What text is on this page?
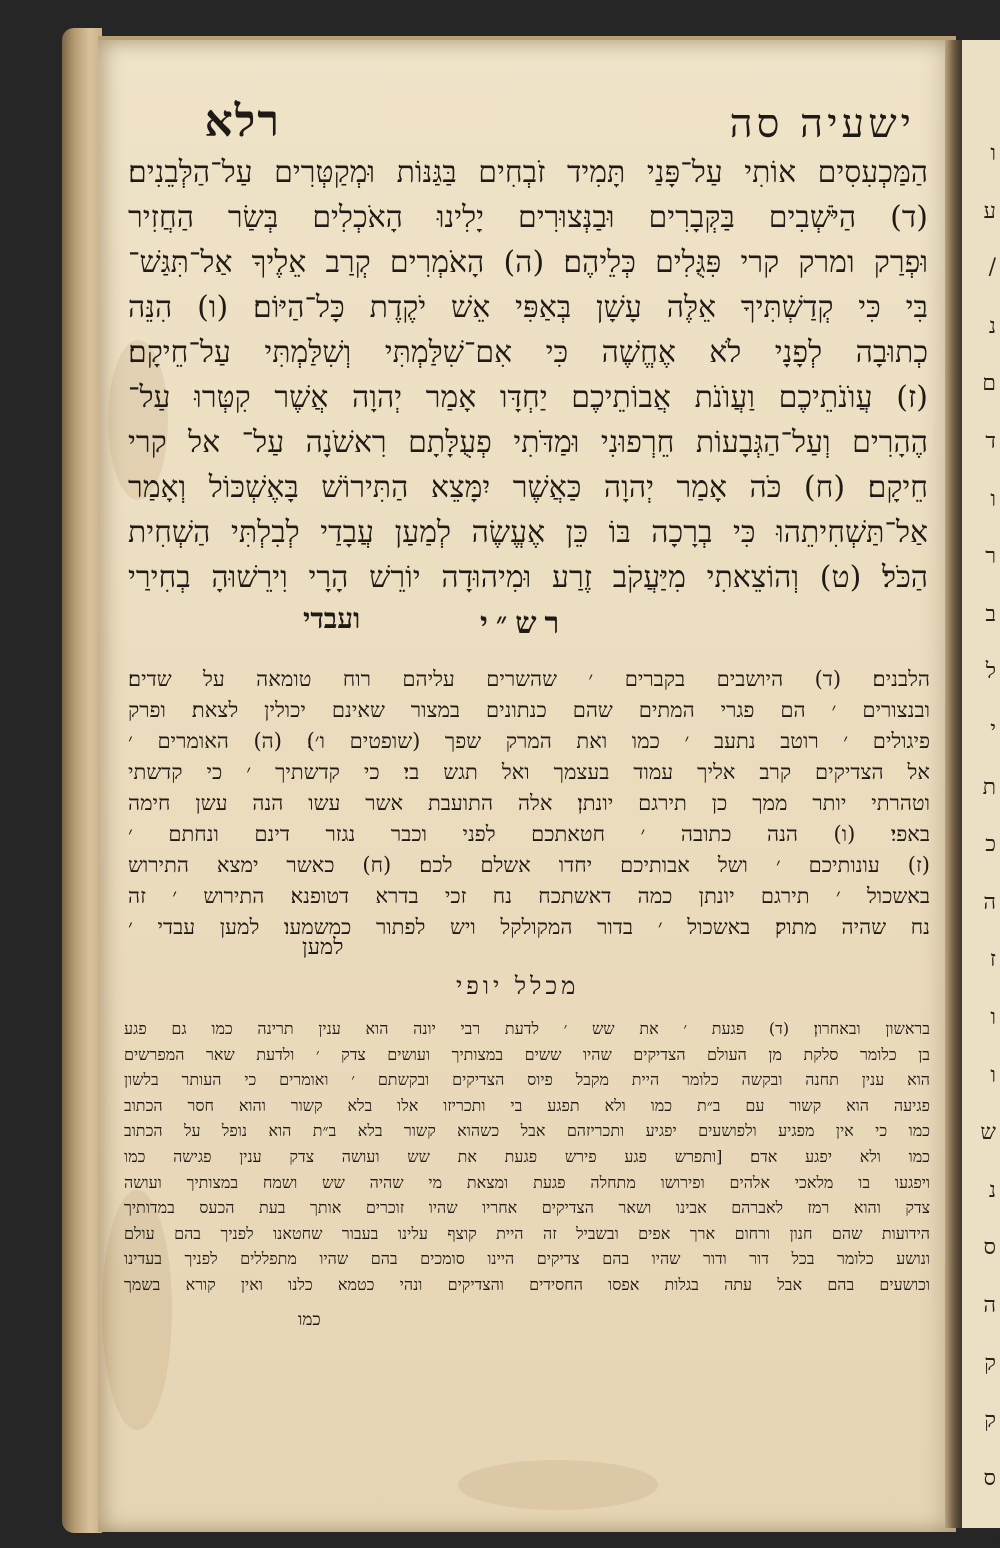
ו
ע
/
נ
ם
ד
ו
ר
ב
ל
י
ת
כ
ה
ז
ו
ו
ש
נ
ס
ה
ק
ק
ס
ג
רלא	ישעיה סה
הַמַּכְעִסִים אוֹתִי עַל־פָּנַי תָּמִיד זֹבְחִים בַּגַּנּוֹת וּמְקַטְּרִים עַל־הַלְּבֵנִים׃
(ד) הַיֹּשְׁבִים בַּקְּבָרִים וּבַנְּצוּרִים יָלִינוּ הָאֹכְלִים בְּשַׂר הַחֲזִיר
וּפְרַק ומרק קרי פִּגֻּלִים כְּלֵיהֶם׃ (ה) הָאֹמְרִים קְרַב אֵלֶיךָ אַל־תִּגַּשׁ־
בִּי כִּי קְדַשְׁתִּיךָ אֵלֶּה עָשָׁן בְּאַפִּי אֵשׁ יֹקֶדֶת כָּל־הַיּוֹם׃ (ו) הִנֵּה
כְתוּבָה לְפָנָי לֹא אֶחֱשֶׁה כִּי אִם־שִׁלַּמְתִּי וְשִׁלַּמְתִּי עַל־חֵיקָם׃
(ז) עֲוֺנֹתֵיכֶם וַעֲוֺנֹת אֲבוֹתֵיכֶם יַחְדָּו אָמַר יְהוָה אֲשֶׁר קִטְּרוּ עַל־
הֶהָרִים וְעַל־הַגְּבָעוֹת חֵרְפוּנִי וּמַדֹּתִי פְעֻלָּתָם רִאשֹׁנָה עַל־ אל קרי
חֵיקָם׃ (ח) כֹּה אָמַר יְהוָה כַּאֲשֶׁר יִמָּצֵא הַתִּירוֹשׁ בָּאֶשְׁכּוֹל וְאָמַר
אַל־תַּשְׁחִיתֵהוּ כִּי בְרָכָה בּוֹ כֵּן אֶעֱשֶׂה לְמַעַן עֲבָדַי לְבִלְתִּי הַשְׁחִית
הַכֹּל׃ (ט) וְהוֹצֵאתִי מִיַּעֲקֹב זֶרַע וּמִיהוּדָה יוֹרֵשׁ הָרָי וִירֵשׁוּהָ בְחִירַי
ועבדי	רש״י
הלבנים׃ (ד) היושבים בקברים ׳ שהשרים עליהם רוח טומאה על שדים׃
ובנצורים ׳ הם פגרי המתים שהם כנתונים במצור שאינם יכולין לצאת׃ ופרק
פיגולים ׳ רוטב נתעב ׳ כמו ואת המרק שפך (שופטים ו׳)׃ (ה) האומרים ׳
אל הצדיקים קרב אליך עמוד בעצמך ואל תגש בי׃ כי קדשתיך ׳ כי קדשתי
וטהרתי יותר ממך כן תירגם יונתן׃ אלה התועבת אשר עשו הנה עשן חימה
באפי׃ (ו) הנה כתובה ׳ חטאתכם לפני וכבר נגזר דינם ונחתם ׳
(ז) עונותיכם ׳ ושל אבותיכם יחדו אשלם לכם׃ (ח) כאשר ימצא התירוש
באשכול ׳ תירגם יונתן כמה דאשתכח נח זכי בדרא דטופנא׃ התירוש ׳ זה
נח שהיה מתוק׃ באשכול ׳ בדור המקולקל ויש לפתור כמשמעו׃ למען עבדי ׳
למען
מכלל יופי
בראשון ובאחרון׃ (ד) פגעת ׳ את שש ׳ לדעת רבי יונה הוא ענין תרינה כמו גם פגע
בן כלומר סלקת מן העולם הצדיקים שהיו ששים במצותיך ועושים צדק ׳ ולדעת שאר המפרשים
הוא ענין תחנה ובקשה כלומר היית מקבל פיוס הצדיקים ובקשתם ׳ ואומרים כי העותר בלשון
פגיעה הוא קשור עם ב״ת כמו ולא תפגע בי ותכריזו אלו בלא קשור והוא חסר הכתוב
כמו כי אין מפגיע ולפושעים יפגיע ותכריזהם אבל כשהוא קשור בלא ב״ת הוא נופל על הכתוב
כמו ולא יפגע אדם׃ [ותפרש פגע פירש פגעת את שש ועושה צדק ענין פגישה כמו
ויפגעו בו מלאכי אלהים ופירושו מתחלה פגעת ומצאת מי שהיה שש ושמח במצותיך ועושה
צדק והוא רמז לאברהם אבינו ושאר הצדיקים אחריו שהיו זוכרים אותך בעת הכעס במדותיך
הידועות שהם חנון ורחום ארך אפים ובשביל זה היית קוצף עלינו בעבור שחטאנו לפניך בהם עולם
ונושע כלומר בכל דור ודור שהיו בהם צדיקים היינו סומכים בהם שהיו מתפללים לפניך בעדינו
וכושעים בהם אבל עתה בגלות אפסו החסידים והצדיקים ונהי כטמא כלנו ואין קורא בשמך
כמו
